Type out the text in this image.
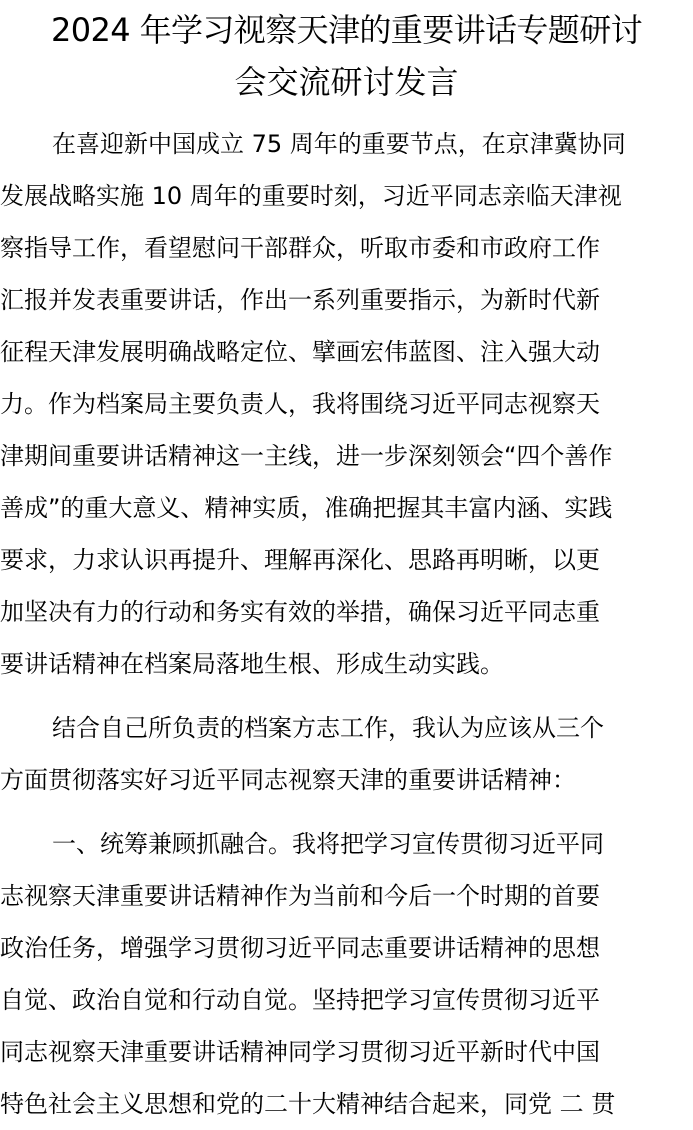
2024 年学习视察天津的重要讲话专题研讨
会交流研讨发言
在喜迎新中国成立 75 周年的重要节点，在京津冀协同
发展战略实施 10 周年的重要时刻，习近平同志亲临天津视
察指导工作，看望慰问干部群众，听取市委和市政府工作
汇报并发表重要讲话，作出一系列重要指示，为新时代新
征程天津发展明确战略定位、擘画宏伟蓝图、注入强大动
力。作为档案局主要负责人，我将围绕习近平同志视察天
津期间重要讲话精神这一主线，进一步深刻领会“四个善作
善成”的重大意义、精神实质，准确把握其丰富内涵、实践
要求，力求认识再提升、理解再深化、思路再明晰，以更
加坚决有力的行动和务实有效的举措，确保习近平同志重
要讲话精神在档案局落地生根、形成生动实践。
结合自己所负责的档案方志工作，我认为应该从三个
方面贯彻落实好习近平同志视察天津的重要讲话精神：
一、统筹兼顾抓融合。我将把学习宣传贯彻习近平同
志视察天津重要讲话精神作为当前和今后一个时期的首要
政治任务，增强学习贯彻习近平同志重要讲话精神的思想
自觉、政治自觉和行动自觉。坚持把学习宣传贯彻习近平
同志视察天津重要讲话精神同学习贯彻习近平新时代中国
特色社会主义思想和党的二十大精神结合起来，同党 二 贯
